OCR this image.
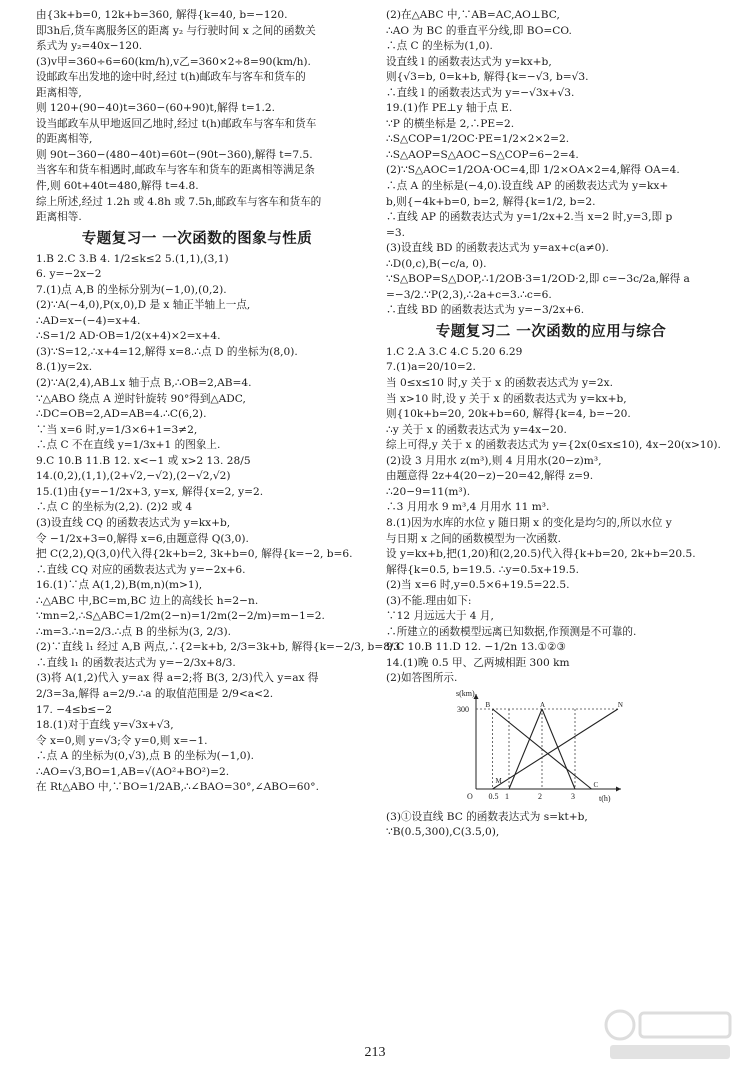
由{3k+b=0, 12k+b=360, 解得{k=40, b=−120.
即3h后,货车离服务区的距离 y₂ 与行驶时间 x 之间的函数关
系式为 y₂=40x−120.
(3)v甲=360÷6=60(km/h),v乙=360×2÷8=90(km/h).
设邮政车出发地的途中时,经过 t(h)邮政车与客车和货车的
距离相等,
则 120+(90−40)t=360−(60+90)t,解得 t=1.2.
设当邮政车从甲地返回乙地时,经过 t(h)邮政车与客车和货车
的距离相等,
则 90t−360−(480−40t)=60t−(90t−360),解得 t=7.5.
当客车和货车相遇时,邮政车与客车和货车的距离相等满足条
件,则 60t+40t=480,解得 t=4.8.
综上所述,经过 1.2h 或 4.8h 或 7.5h,邮政车与客车和货车的
距离相等.
专题复习一 一次函数的图象与性质
1.B 2.C 3.B 4. 1/2≤k≤2 5.(1,1),(3,1)
6. y=−2x−2
7.(1)点 A,B 的坐标分别为(−1,0),(0,2).
(2)∵A(−4,0),P(x,0),D 是 x 轴正半轴上一点,
∴AD=x−(−4)=x+4.
∴S=1/2 AD·OB=1/2(x+4)×2=x+4.
(3)∵S=12,∴x+4=12,解得 x=8.∴点 D 的坐标为(8,0).
8.(1)y=2x.
(2)∵A(2,4),AB⊥x 轴于点 B,∴OB=2,AB=4.
∵△ABO 绕点 A 逆时针旋转 90°得到△ADC,
∴DC=OB=2,AD=AB=4.∴C(6,2).
∵当 x=6 时,y=1/3×6+1=3≠2,
∴点 C 不在直线 y=1/3x+1 的图象上.
9.C 10.B 11.B 12. x<−1 或 x>2 13. 28/5
14.(0,2),(1,1),(2+√2,−√2),(2−√2,√2)
15.(1)由{y=−1/2x+3, y=x, 解得{x=2, y=2.
∴点 C 的坐标为(2,2). (2)2 或 4
(3)设直线 CQ 的函数表达式为 y=kx+b,
令 −1/2x+3=0,解得 x=6,由题意得 Q(3,0).
把 C(2,2),Q(3,0)代入得{2k+b=2, 3k+b=0, 解得{k=−2, b=6.
∴直线 CQ 对应的函数表达式为 y=−2x+6.
16.(1)∵点 A(1,2),B(m,n)(m>1),
∴△ABC 中,BC=m,BC 边上的高线长 h=2−n.
∵mn=2,∴S△ABC=1/2m(2−n)=1/2m(2−2/m)=m−1=2.
∴m=3.∴n=2/3.∴点 B 的坐标为(3, 2/3).
(2)∵直线 l₁ 经过 A,B 两点,∴{2=k+b, 2/3=3k+b, 解得{k=−2/3, b=8/3.
∴直线 l₁ 的函数表达式为 y=−2/3x+8/3.
(3)将 A(1,2)代入 y=ax 得 a=2;将 B(3, 2/3)代入 y=ax 得
2/3=3a,解得 a=2/9.∴a 的取值范围是 2/9<a<2.
17. −4≤b≤−2
18.(1)对于直线 y=√3x+√3,
令 x=0,则 y=√3;令 y=0,则 x=−1.
∴点 A 的坐标为(0,√3),点 B 的坐标为(−1,0).
∴AO=√3,BO=1,AB=√(AO²+BO²)=2.
在 Rt△ABO 中,∵BO=1/2AB,∴∠BAO=30°,∠ABO=60°.
(2)在△ABC 中,∵AB=AC,AO⊥BC,
∴AO 为 BC 的垂直平分线,即 BO=CO.
∴点 C 的坐标为(1,0).
设直线 l 的函数表达式为 y=kx+b,
则{√3=b, 0=k+b, 解得{k=−√3, b=√3.
∴直线 l 的函数表达式为 y=−√3x+√3.
19.(1)作 PE⊥y 轴于点 E.
∵P 的横坐标是 2,∴PE=2.
∴S△COP=1/2OC·PE=1/2×2×2=2.
∴S△AOP=S△AOC−S△COP=6−2=4.
(2)∵S△AOC=1/2OA·OC=4,即 1/2×OA×2=4,解得 OA=4.
∴点 A 的坐标是(−4,0).设直线 AP 的函数表达式为 y=kx+
b,则{−4k+b=0, b=2, 解得{k=1/2, b=2.
∴直线 AP 的函数表达式为 y=1/2x+2.当 x=2 时,y=3,即 p
=3.
(3)设直线 BD 的函数表达式为 y=ax+c(a≠0).
∴D(0,c),B(−c/a, 0).
∵S△BOP=S△DOP,∴1/2OB·3=1/2OD·2,即 c=−3c/2a,解得 a
=−3/2.∵P(2,3),∴2a+c=3.∴c=6.
∴直线 BD 的函数表达式为 y=−3/2x+6.
专题复习二 一次函数的应用与综合
1.C 2.A 3.C 4.C 5.20 6.29
7.(1)a=20/10=2.
当 0≤x≤10 时,y 关于 x 的函数表达式为 y=2x.
当 x>10 时,设 y 关于 x 的函数表达式为 y=kx+b,
则{10k+b=20, 20k+b=60, 解得{k=4, b=−20.
∴y 关于 x 的函数表达式为 y=4x−20.
综上可得,y 关于 x 的函数表达式为 y={2x(0≤x≤10), 4x−20(x>10).
(2)设 3 月用水 z(m³),则 4 月用水(20−z)m³,
由题意得 2z+4(20−z)−20=42,解得 z=9.
∴20−9=11(m³).
∴3 月用水 9 m³,4 月用水 11 m³.
8.(1)因为水库的水位 y 随日期 x 的变化是均匀的,所以水位 y
与日期 x 之间的函数模型为一次函数.
设 y=kx+b,把(1,20)和(2,20.5)代入得{k+b=20, 2k+b=20.5.
解得{k=0.5, b=19.5. ∴y=0.5x+19.5.
(2)当 x=6 时,y=0.5×6+19.5=22.5.
(3)不能.理由如下:
∵12 月远远大于 4 月,
∴所建立的函数模型远离已知数据,作预测是不可靠的.
9.C 10.B 11.D 12. −1/2n 13.①②③
14.(1)晚 0.5 甲、乙两城相距 300 km
(2)如答图所示.
s(km)
t(h)
300
O 0.5 1	2	3
B	A	N
M	C
(3)①设直线 BC 的函数表达式为 s=kt+b,
∵B(0.5,300),C(3.5,0),
213
